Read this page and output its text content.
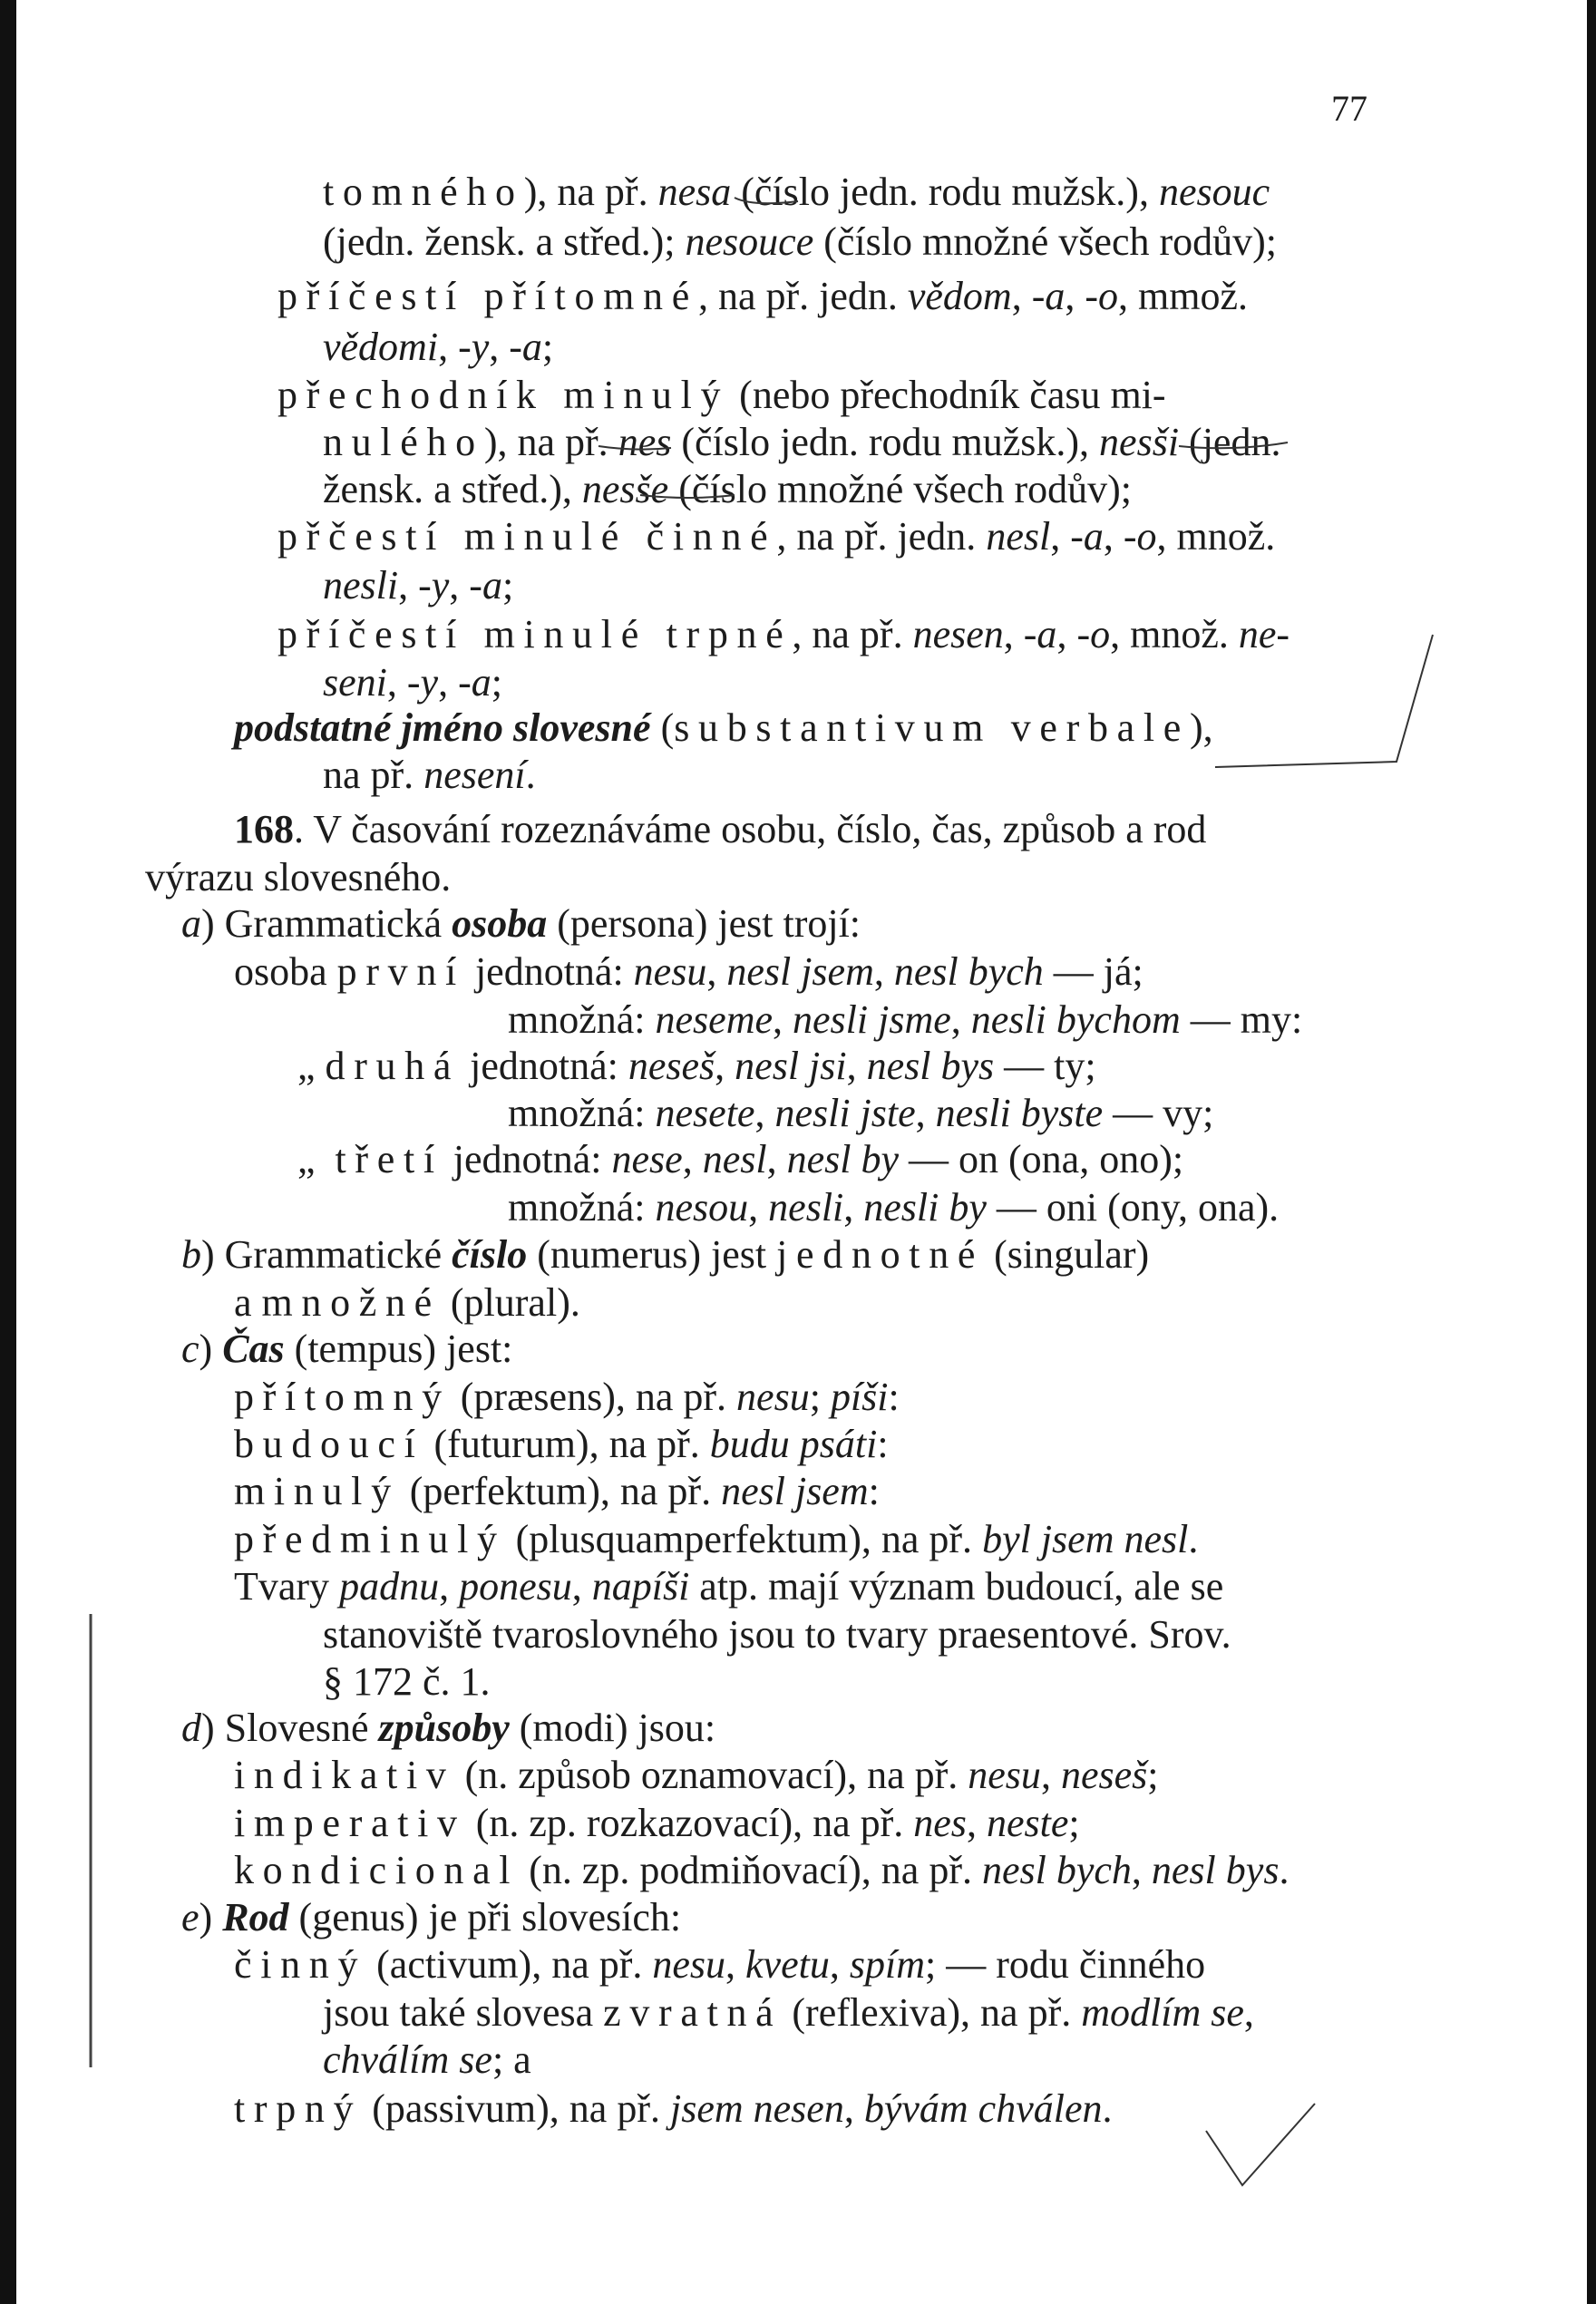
77
tomného), na př. nesa (číslo jedn. rodu mužsk.), nesouc
(jedn. žensk. a střed.); nesouce (číslo množné všech rodův);
příčestí přítomné, na př. jedn. vědom, -a, -o, mmož.
vědomi, -y, -a;
přechodník minulý (nebo přechodník času mi-
nulého), na př. nes (číslo jedn. rodu mužsk.), nesši (jedn.
žensk. a střed.), nesše (číslo množné všech rodův);
přčestí minulé činné, na př. jedn. nesl, -a, -o, množ.
nesli, -y, -a;
příčestí minulé trpné, na př. nesen, -a, -o, množ. ne-
seni, -y, -a;
podstatné jméno slovesné (substantivum verbale),
na př. nesení.
168. V časování rozeznáváme osobu, číslo, čas, způsob a rod
výrazu slovesného.
a) Grammatická osoba (persona) jest trojí:
osoba první jednotná: nesu, nesl jsem, nesl bych — já;
množná: neseme, nesli jsme, nesli bychom — my:
„ druhá jednotná: neseš, nesl jsi, nesl bys — ty;
množná: nesete, nesli jste, nesli byste — vy;
„  třetí jednotná: nese, nesl, nesl by — on (ona, ono);
množná: nesou, nesli, nesli by — oni (ony, ona).
b) Grammatické číslo (numerus) jest jednotné (singular)
a množné (plural).
c) Čas (tempus) jest:
přítomný (præsens), na př. nesu; píši:
budoucí (futurum), na př. budu psáti:
minulý (perfektum), na př. nesl jsem:
předminulý (plusquamperfektum), na př. byl jsem nesl.
Tvary padnu, ponesu, napíši atp. mají význam budoucí, ale se
stanoviště tvaroslovného jsou to tvary praesentové. Srov.
§ 172 č. 1.
d) Slovesné způsoby (modi) jsou:
indikativ (n. způsob oznamovací), na př. nesu, neseš;
imperativ (n. zp. rozkazovací), na př. nes, neste;
kondicional (n. zp. podmiňovací), na př. nesl bych, nesl bys.
e) Rod (genus) je při slovesích:
činný (activum), na př. nesu, kvetu, spím; — rodu činného
jsou také slovesa zvratná (reflexiva), na př. modlím se,
chválím se; a
trpný (passivum), na př. jsem nesen, bývám chválen.
